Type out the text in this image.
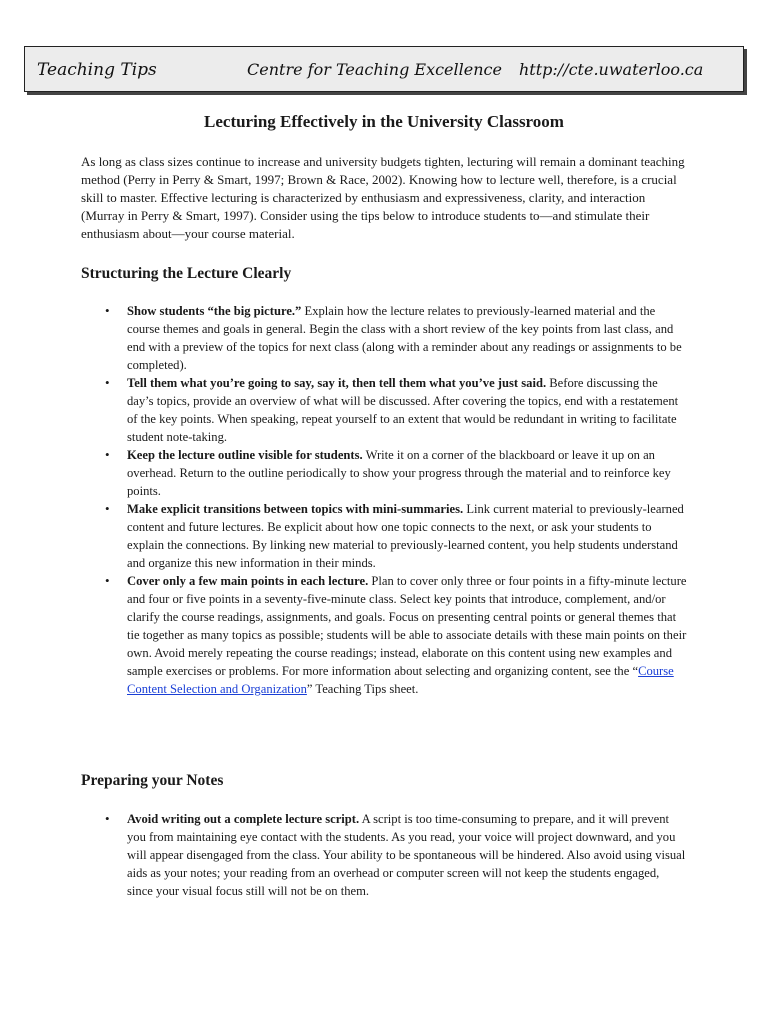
Teaching Tips	Centre for Teaching Excellence http://cte.uwaterloo.ca
Lecturing Effectively in the University Classroom

As long as class sizes continue to increase and university budgets tighten, lecturing will remain a dominant teaching method (Perry in Perry & Smart, 1997; Brown & Race, 2002). Knowing how to lecture well, therefore, is a crucial skill to master. Effective lecturing is characterized by enthusiasm and expressiveness, clarity, and interaction (Murray in Perry & Smart, 1997). Consider using the tips below to introduce students to—and stimulate their enthusiasm about—your course material.

Structuring the Lecture Clearly
• Show students “the big picture.” Explain how the lecture relates to previously-learned material and the course themes and goals in general. Begin the class with a short review of the key points from last class, and end with a preview of the topics for next class (along with a reminder about any readings or assignments to be completed).
• Tell them what you’re going to say, say it, then tell them what you’ve just said. Before discussing the day’s topics, provide an overview of what will be discussed. After covering the topics, end with a restatement of the key points. When speaking, repeat yourself to an extent that would be redundant in writing to facilitate student note-taking.
• Keep the lecture outline visible for students. Write it on a corner of the blackboard or leave it up on an overhead. Return to the outline periodically to show your progress through the material and to reinforce key points.
• Make explicit transitions between topics with mini-summaries. Link current material to previously-learned content and future lectures. Be explicit about how one topic connects to the next, or ask your students to explain the connections. By linking new material to previously-learned content, you help students understand and organize this new information in their minds.
• Cover only a few main points in each lecture. Plan to cover only three or four points in a fifty-minute lecture and four or five points in a seventy-five-minute class. Select key points that introduce, complement, and/or clarify the course readings, assignments, and goals. Focus on presenting central points or general themes that tie together as many topics as possible; students will be able to associate details with these main points on their own. Avoid merely repeating the course readings; instead, elaborate on this content using new examples and sample exercises or problems. For more information about selecting and organizing content, see the “Course Content Selection and Organization” Teaching Tips sheet.
Preparing your Notes
• Avoid writing out a complete lecture script. A script is too time-consuming to prepare, and it will prevent you from maintaining eye contact with the students. As you read, your voice will project downward, and you will appear disengaged from the class. Your ability to be spontaneous will be hindered. Also avoid using visual aids as your notes; your reading from an overhead or computer screen will not keep the students engaged, since your visual focus still will not be on them.
